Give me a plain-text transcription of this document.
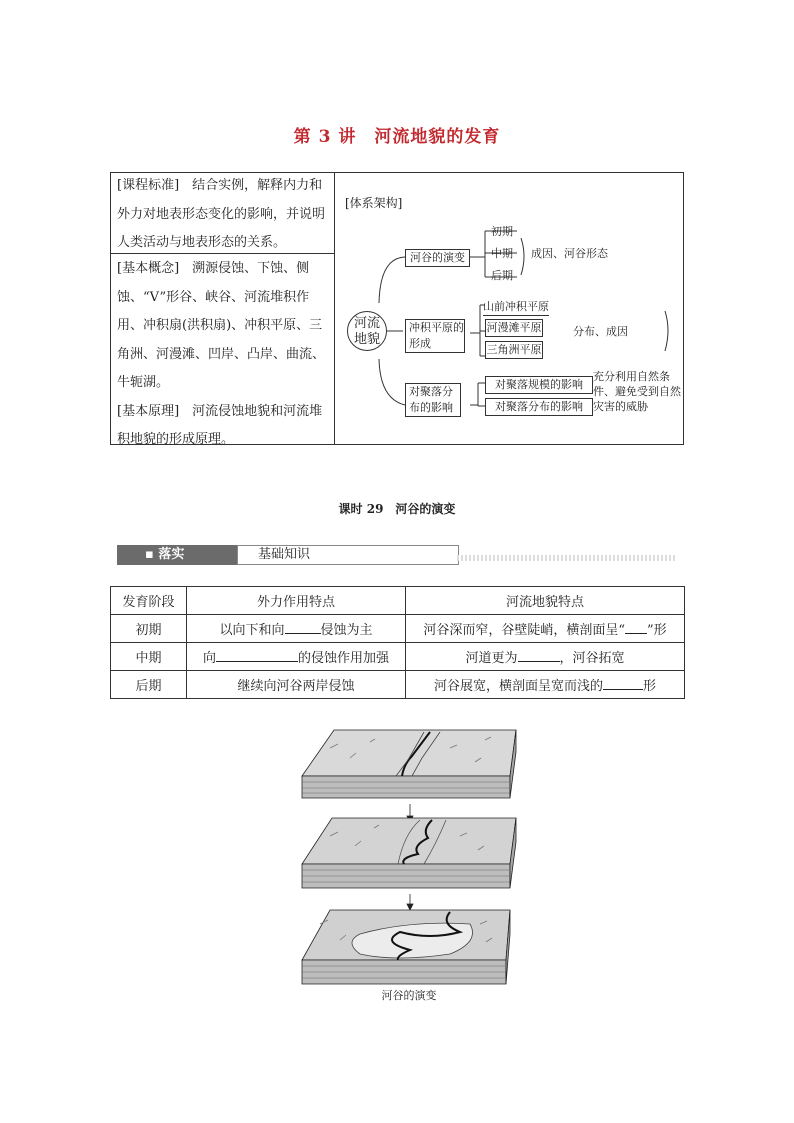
第 3 讲　河流地貌的发育
[课程标准]　结合实例，解释内力和外力对地表形态变化的影响，并说明人类活动与地表形态的关系。
[基本概念]　溯源侵蚀、下蚀、侧蚀、“V”形谷、峡谷、河流堆积作用、冲积扇(洪积扇)、冲积平原、三角洲、河漫滩、凹岸、凸岸、曲流、牛轭湖。
[基本原理]　河流侵蚀地貌和河流堆积地貌的形成原理。
[体系架构]
河流地貌
河谷的演变
初期
中期
后期
成因、河谷形态
冲积平原的形成
山前冲积平原
河漫滩平原
三角洲平原
分布、成因
对聚落分布的影响
对聚落规模的影响
对聚落分布的影响
充分利用自然条件、避免受到自然灾害的威胁
课时 29　河谷的演变
▪ 落实	基础知识
发育阶段	外力作用特点	河流地貌特点
初期	以向下和向 侵蚀为主	河谷深而窄，谷壁陡峭，横剖面呈“ ”形
中期	向 的侵蚀作用加强	河道更为 ，河谷拓宽
后期	继续向河谷两岸侵蚀	河谷展宽，横剖面呈宽而浅的 形
河谷的演变
